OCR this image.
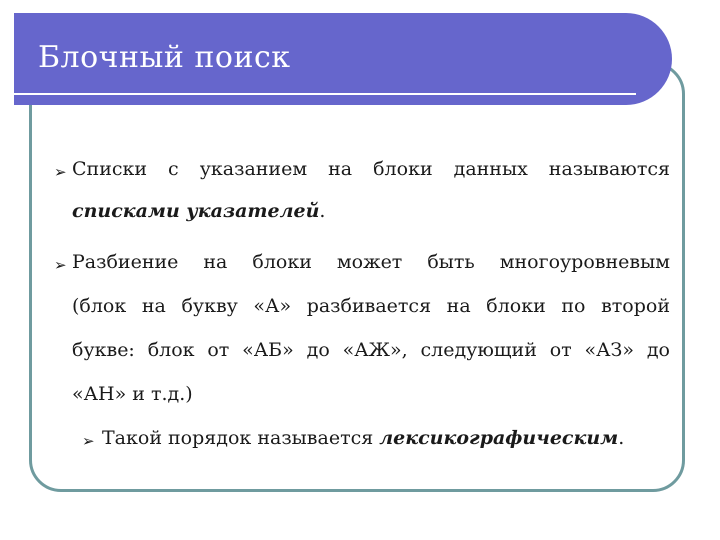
Блочный поиск
➢ Списки с указанием на блоки данных называются
списками указателей.
➢ Разбиение на блоки может быть многоуровневым
(блок на букву «А» разбивается на блоки по второй
букве: блок от «АБ» до «АЖ», следующий от «АЗ» до
«АН» и т.д.)
➢ Такой порядок называется лексикографическим.
